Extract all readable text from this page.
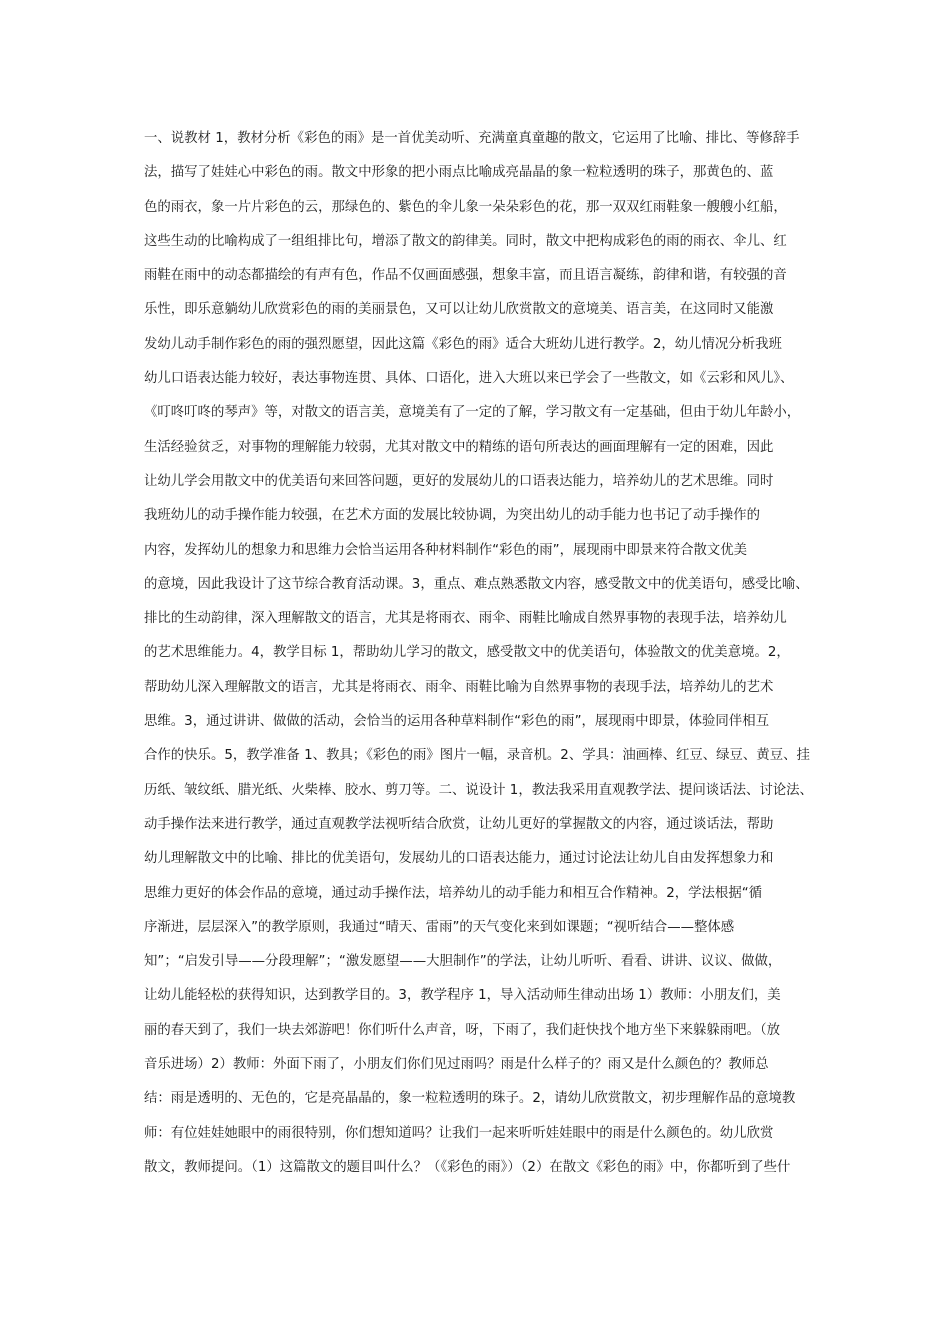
一、说教材 1，教材分析《彩色的雨》是一首优美动听、充满童真童趣的散文，它运用了比喻、排比、等修辞手
法，描写了娃娃心中彩色的雨。散文中形象的把小雨点比喻成亮晶晶的象一粒粒透明的珠子，那黄色的、蓝
色的雨衣，象一片片彩色的云，那绿色的、紫色的伞儿象一朵朵彩色的花，那一双双红雨鞋象一艘艘小红船，
这些生动的比喻构成了一组组排比句，增添了散文的韵律美。同时，散文中把构成彩色的雨的雨衣、伞儿、红
雨鞋在雨中的动态都描绘的有声有色，作品不仅画面感强，想象丰富，而且语言凝练，韵律和谐，有较强的音
乐性，即乐意躺幼儿欣赏彩色的雨的美丽景色，又可以让幼儿欣赏散文的意境美、语言美，在这同时又能激
发幼儿动手制作彩色的雨的强烈愿望，因此这篇《彩色的雨》适合大班幼儿进行教学。2，幼儿情况分析我班
幼儿口语表达能力较好，表达事物连贯、具体、口语化，进入大班以来已学会了一些散文，如《云彩和风儿》、
《叮咚叮咚的琴声》等，对散文的语言美，意境美有了一定的了解，学习散文有一定基础，但由于幼儿年龄小，
生活经验贫乏，对事物的理解能力较弱，尤其对散文中的精练的语句所表达的画面理解有一定的困难，因此
让幼儿学会用散文中的优美语句来回答问题，更好的发展幼儿的口语表达能力，培养幼儿的艺术思维。同时
我班幼儿的动手操作能力较强，在艺术方面的发展比较协调，为突出幼儿的动手能力也书记了动手操作的
内容，发挥幼儿的想象力和思维力会恰当运用各种材料制作“彩色的雨”，展现雨中即景来符合散文优美
的意境，因此我设计了这节综合教育活动课。3，重点、难点熟悉散文内容，感受散文中的优美语句，感受比喻、
排比的生动韵律，深入理解散文的语言，尤其是将雨衣、雨伞、雨鞋比喻成自然界事物的表现手法，培养幼儿
的艺术思维能力。4，教学目标 1，帮助幼儿学习的散文，感受散文中的优美语句，体验散文的优美意境。2，
帮助幼儿深入理解散文的语言，尤其是将雨衣、雨伞、雨鞋比喻为自然界事物的表现手法，培养幼儿的艺术
思维。3，通过讲讲、做做的活动，会恰当的运用各种草料制作“彩色的雨”，展现雨中即景，体验同伴相互
合作的快乐。5，教学准备 1、教具；《彩色的雨》图片一幅，录音机。2、学具：油画棒、红豆、绿豆、黄豆、挂
历纸、皱纹纸、腊光纸、火柴棒、胶水、剪刀等。二、说设计 1，教法我采用直观教学法、提问谈话法、讨论法、
动手操作法来进行教学，通过直观教学法视听结合欣赏，让幼儿更好的掌握散文的内容，通过谈话法，帮助
幼儿理解散文中的比喻、排比的优美语句，发展幼儿的口语表达能力，通过讨论法让幼儿自由发挥想象力和
思维力更好的体会作品的意境，通过动手操作法，培养幼儿的动手能力和相互合作精神。2，学法根据“循
序渐进，层层深入”的教学原则，我通过“晴天、雷雨”的天气变化来到如课题；“视听结合——整体感
知”；“启发引导——分段理解”；“激发愿望——大胆制作”的学法，让幼儿听听、看看、讲讲、议议、做做，
让幼儿能轻松的获得知识，达到教学目的。3，教学程序 1，导入活动师生律动出场 1）教师：小朋友们，美
丽的春天到了，我们一块去郊游吧！你们听什么声音，呀，下雨了，我们赶快找个地方坐下来躲躲雨吧。（放
音乐进场）2）教师：外面下雨了，小朋友们你们见过雨吗？雨是什么样子的？雨又是什么颜色的？教师总
结：雨是透明的、无色的，它是亮晶晶的，象一粒粒透明的珠子。2，请幼儿欣赏散文，初步理解作品的意境教
师：有位娃娃她眼中的雨很特别，你们想知道吗？让我们一起来听听娃娃眼中的雨是什么颜色的。幼儿欣赏
散文，教师提问。（1）这篇散文的题目叫什么？（《彩色的雨》）（2）在散文《彩色的雨》中，你都听到了些什
